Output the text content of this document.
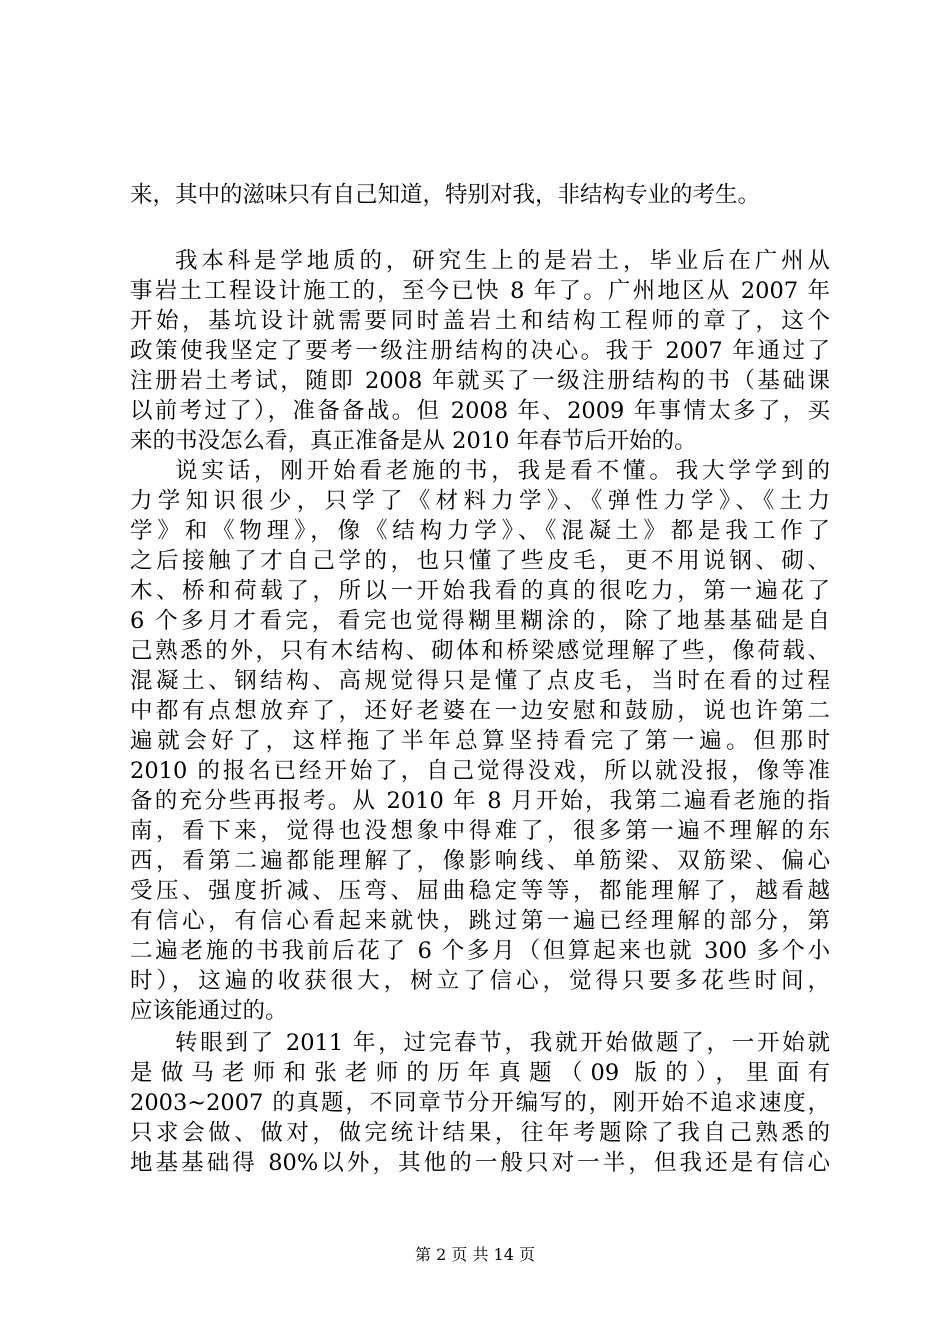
来，其中的滋味只有自己知道，特别对我，非结构专业的考生。
我本科是学地质的，研究生上的是岩土，毕业后在广州从
事岩土工程设计施工的，至今已快 8 年了。广州地区从 2007 年
开始，基坑设计就需要同时盖岩土和结构工程师的章了，这个
政策使我坚定了要考一级注册结构的决心。我于 2007 年通过了
注册岩土考试，随即 2008 年就买了一级注册结构的书（基础课
以前考过了），准备备战。但 2008 年、2009 年事情太多了，买
来的书没怎么看，真正准备是从 2010 年春节后开始的。
说实话，刚开始看老施的书，我是看不懂。我大学学到的
力学知识很少，只学了《材料力学》、《弹性力学》、《土力
学》和《物理》，像《结构力学》、《混凝土》都是我工作了
之后接触了才自己学的，也只懂了些皮毛，更不用说钢、砌、
木、桥和荷载了，所以一开始我看的真的很吃力，第一遍花了
6 个多月才看完，看完也觉得糊里糊涂的，除了地基基础是自
己熟悉的外，只有木结构、砌体和桥梁感觉理解了些，像荷载、
混凝土、钢结构、高规觉得只是懂了点皮毛，当时在看的过程
中都有点想放弃了，还好老婆在一边安慰和鼓励，说也许第二
遍就会好了，这样拖了半年总算坚持看完了第一遍。但那时
2010 的报名已经开始了，自己觉得没戏，所以就没报，像等准
备的充分些再报考。从 2010 年 8 月开始，我第二遍看老施的指
南，看下来，觉得也没想象中得难了，很多第一遍不理解的东
西，看第二遍都能理解了，像影响线、单筋梁、双筋梁、偏心
受压、强度折减、压弯、屈曲稳定等等，都能理解了，越看越
有信心，有信心看起来就快，跳过第一遍已经理解的部分，第
二遍老施的书我前后花了 6 个多月（但算起来也就 300 多个小
时），这遍的收获很大，树立了信心，觉得只要多花些时间，
应该能通过的。
转眼到了 2011 年，过完春节，我就开始做题了，一开始就
是做马老师和张老师的历年真题（09 版的），里面有
2003~2007 的真题，不同章节分开编写的，刚开始不追求速度，
只求会做、做对，做完统计结果，往年考题除了我自己熟悉的
地基基础得 80%以外，其他的一般只对一半，但我还是有信心
第 2 页 共 14 页
